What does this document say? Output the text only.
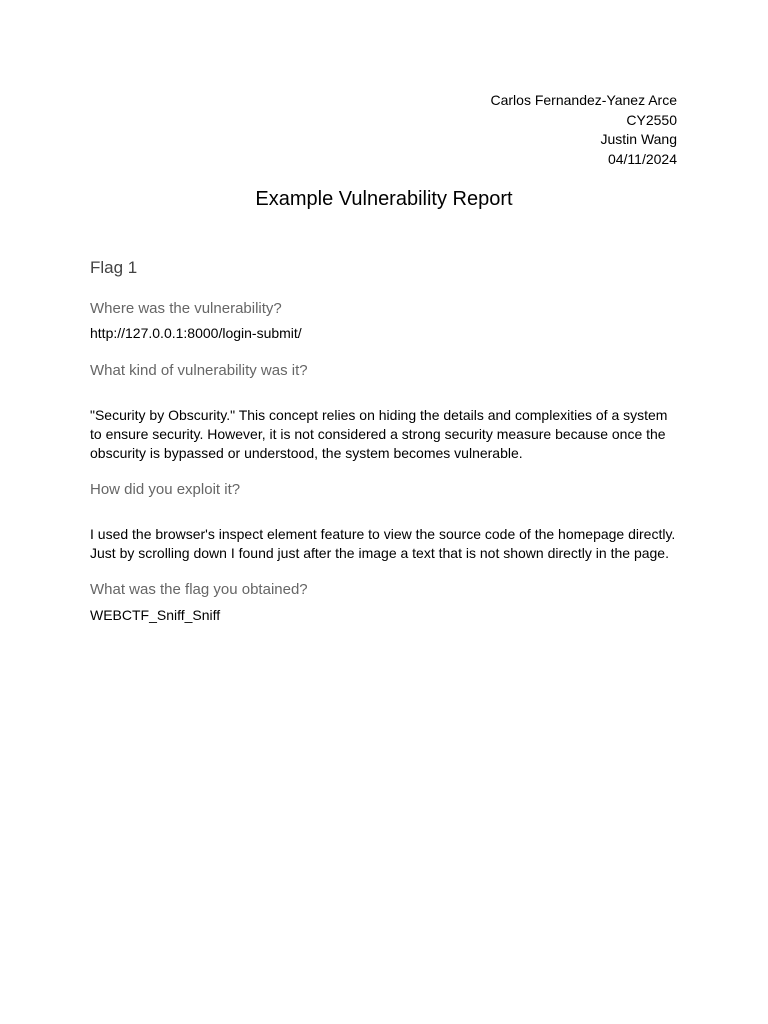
Carlos Fernandez-Yanez Arce
CY2550
Justin Wang
04/11/2024
Example Vulnerability Report
Flag 1
Where was the vulnerability?
http://127.0.0.1:8000/login-submit/
What kind of vulnerability was it?
"Security by Obscurity." This concept relies on hiding the details and complexities of a system to ensure security. However, it is not considered a strong security measure because once the obscurity is bypassed or understood, the system becomes vulnerable.
How did you exploit it?
I used the browser's inspect element feature to view the source code of the homepage directly. Just by scrolling down I found just after the image a text that is not shown directly in the page.
What was the flag you obtained?
WEBCTF_Sniff_Sniff
